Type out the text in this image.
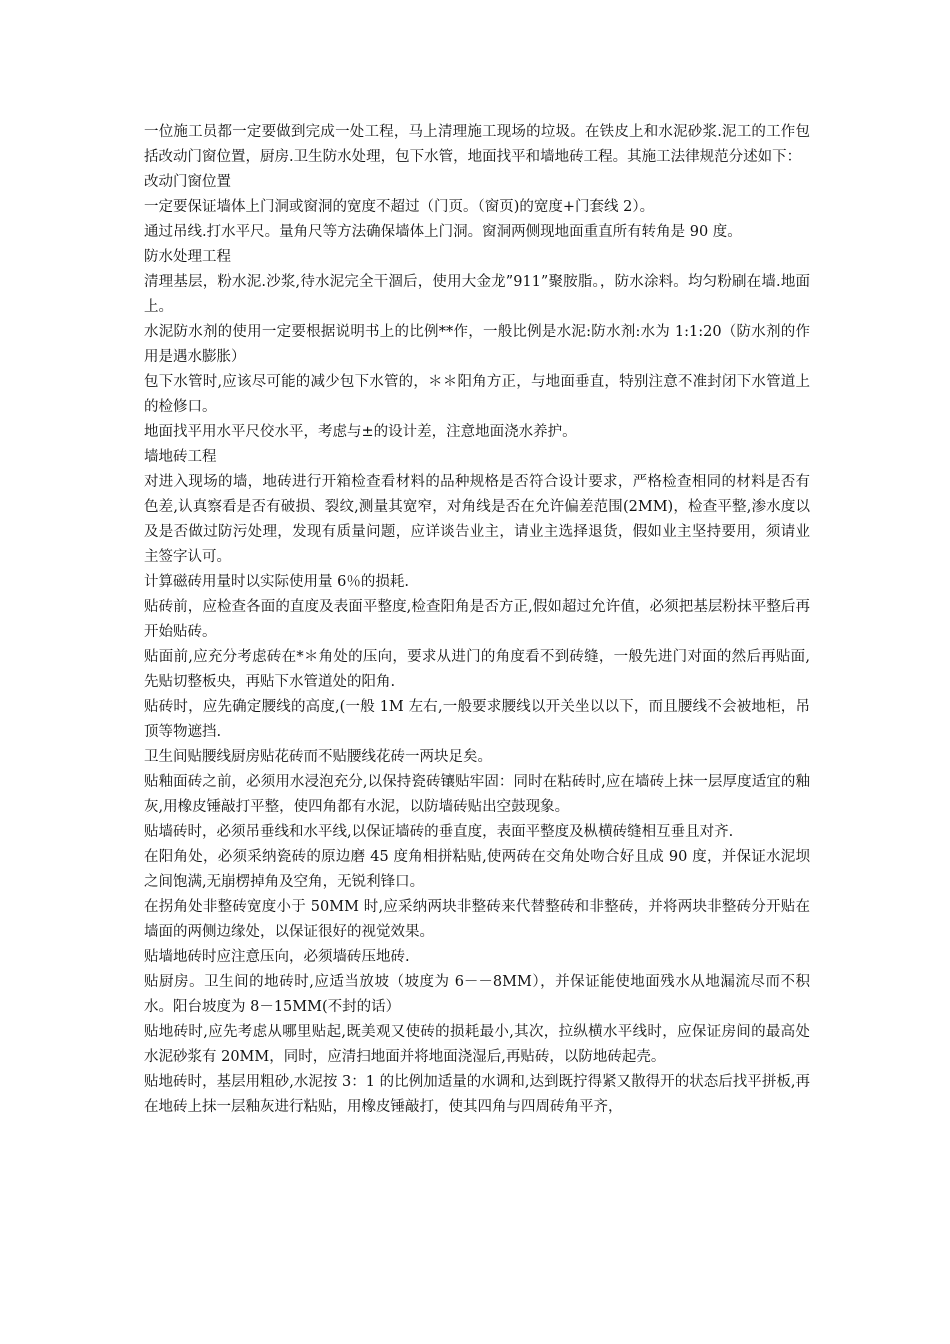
一位施工员都一定要做到完成一处工程，马上清理施工现场的垃圾。在铁皮上和水泥砂浆.泥工的工作包括改动门窗位置，厨房.卫生防水处理，包下水管，地面找平和墙地砖工程。其施工法律规范分述如下：

改动门窗位置

一定要保证墙体上门洞或窗洞的宽度不超过（门页。（窗页)的宽度+门套线 2）。

通过吊线.打水平尺。量角尺等方法确保墙体上门洞。窗洞两侧现地面重直所有转角是 90 度。

防水处理工程

清理基层，粉水泥.沙浆,待水泥完全干涸后，使用大金龙”911”聚胺脂。，防水涂料。均匀粉刷在墙.地面上。

水泥防水剂的使用一定要根据说明书上的比例**作，一般比例是水泥:防水剂:水为 1:1:20（防水剂的作用是遇水膨胀）

包下水管时,应该尽可能的减少包下水管的，＊＊阳角方正，与地面垂直，特别注意不准封闭下水管道上的检修口。

地面找平用水平尺佼水平，考虑与±的设计差，注意地面浇水养护。

墙地砖工程

对进入现场的墙，地砖进行开箱检查看材料的品种规格是否符合设计要求，严格检查相同的材料是否有色差,认真察看是否有破损、裂纹,测量其宽窄，对角线是否在允许偏差范围(2MM)，检查平整,渗水度以及是否做过防污处理，发现有质量问题，应详谈告业主，请业主选择退货，假如业主坚持要用，须请业主签字认可。

计算磁砖用量时以实际使用量 6％的损耗.

贴砖前，应检查各面的直度及表面平整度,检查阳角是否方正,假如超过允许值，必须把基层粉抹平整后再开始贴砖。

贴面前,应充分考虑砖在*＊角处的压向，要求从进门的角度看不到砖缝，一般先进门对面的然后再贴面,先贴切整板央，再贴下水管道处的阳角.

贴砖时，应先确定腰线的高度,(一般 1M 左右,一般要求腰线以开关坐以以下，而且腰线不会被地柜，吊顶等物遮挡.

卫生间贴腰线厨房贴花砖而不贴腰线花砖一两块足矣。

贴釉面砖之前，必须用水浸泡充分,以保持瓷砖镶贴牢固：同时在粘砖时,应在墙砖上抹一层厚度适宜的釉灰,用橡皮锤敲打平整，使四角都有水泥，以防墙砖贴出空鼓现象。

贴墙砖时，必须吊垂线和水平线,以保证墙砖的垂直度，表面平整度及枞横砖缝相互垂且对齐.

在阳角处，必须采纳瓷砖的原边磨 45 度角相拼粘贴,使两砖在交角处吻合好且成 90 度，并保证水泥坝之间饱满,无崩楞掉角及空角，无锐利锋口。

在拐角处非整砖宽度小于 50MM 时,应采纳两块非整砖来代替整砖和非整砖，并将两块非整砖分开贴在墙面的两侧边缘处，以保证很好的视觉效果。

贴墙地砖时应注意压向，必须墙砖压地砖.

贴厨房。卫生间的地砖时,应适当放坡（坡度为 6－－8MM），并保证能使地面残水从地漏流尽而不积水。阳台坡度为 8－15MM(不封的话）

贴地砖时,应先考虑从哪里贴起,既美观又使砖的损耗最小,其次，拉纵横水平线时，应保证房间的最高处水泥砂浆有 20MM，同时，应清扫地面并将地面浇湿后,再贴砖，以防地砖起壳。

贴地砖时，基层用粗砂,水泥按 3：1 的比例加适量的水调和,达到既拧得紧又散得开的状态后找平拼板,再在地砖上抹一层釉灰进行粘贴，用橡皮锤敲打，使其四角与四周砖角平齐，
